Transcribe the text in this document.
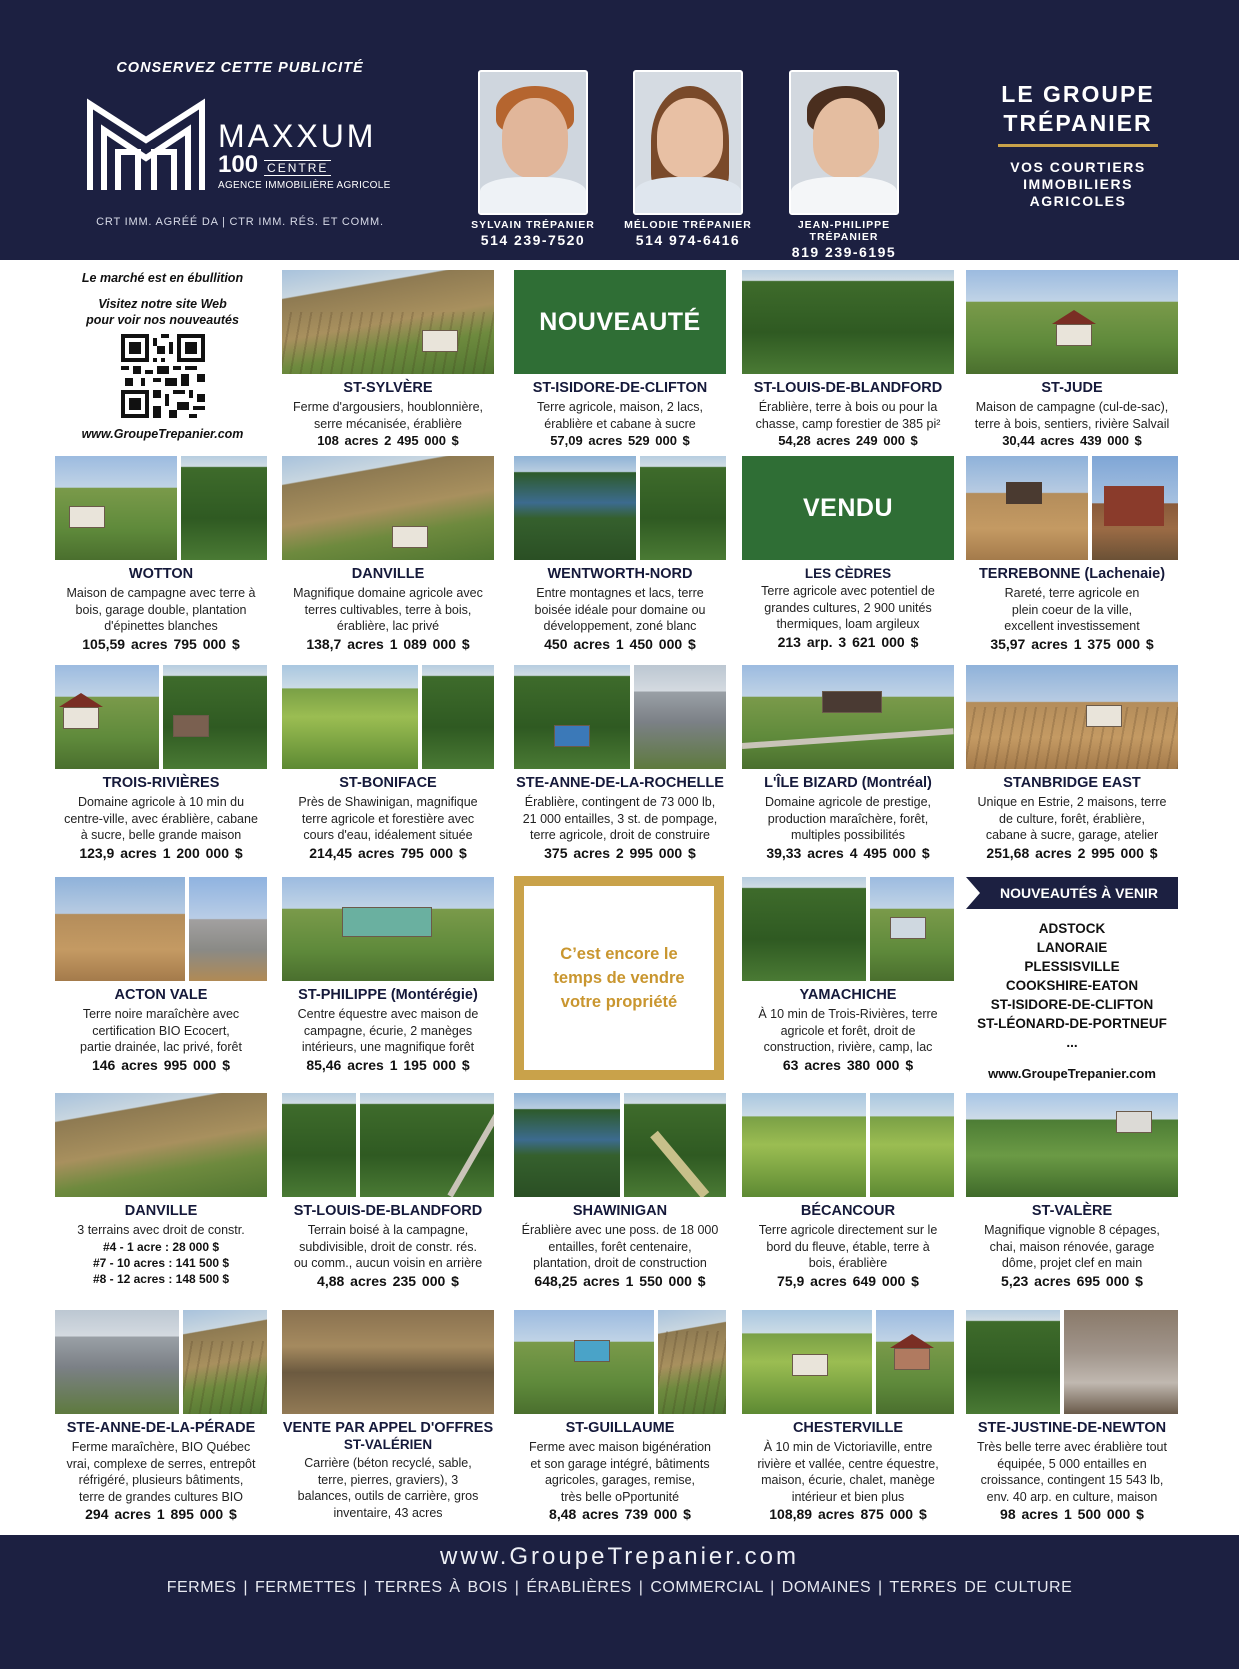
CONSERVEZ CETTE PUBLICITÉ
MAXXUM
100 CENTRE
AGENCE IMMOBILIÈRE AGRICOLE
CRT IMM. AGRÉÉ DA | CTR IMM. RÉS. ET COMM.	SYLVAIN TRÉPANIER
514 239-7520
MÉLODIE TRÉPANIER
514 974-6416
JEAN-PHILIPPE TRÉPANIER
819 239-6195
LE GROUPE
TRÉPANIER
VOS COURTIERS
IMMOBILIERS
AGRICOLES
Le marché est en ébullition
Visitez notre site Web
pour voir nos nouveautés
www.GroupeTrepanier.com
ST-SYLVÈRE
Ferme d'argousiers, houblonnière,
serre mécanisée, érablière
108 acres 2 495 000 $
NOUVEAUTÉ
ST-ISIDORE-DE-CLIFTON
Terre agricole, maison, 2 lacs,
érablière et cabane à sucre
57,09 acres 529 000 $
ST-LOUIS-DE-BLANDFORD
Érablière, terre à bois ou pour la
chasse, camp forestier de 385 pi²
54,28 acres 249 000 $
ST-JUDE
Maison de campagne (cul-de-sac),
terre à bois, sentiers, rivière Salvail
30,44 acres 439 000 $
WOTTON
Maison de campagne avec terre à
bois, garage double, plantation
d'épinettes blanches
105,59 acres 795 000 $
DANVILLE
Magnifique domaine agricole avec
terres cultivables, terre à bois,
érablière, lac privé
138,7 acres 1 089 000 $
WENTWORTH-NORD
Entre montagnes et lacs, terre
boisée idéale pour domaine ou
développement, zoné blanc
450 acres 1 450 000 $
VENDU
LES CÈDRES
Terre agricole avec potentiel de
grandes cultures, 2 900 unités
thermiques, loam argileux
213 arp. 3 621 000 $
TERREBONNE (Lachenaie)
Rareté, terre agricole en
plein coeur de la ville,
excellent investissement
35,97 acres 1 375 000 $
TROIS-RIVIÈRES
Domaine agricole à 10 min du
centre-ville, avec érablière, cabane
à sucre, belle grande maison
123,9 acres 1 200 000 $
ST-BONIFACE
Près de Shawinigan, magnifique
terre agricole et forestière avec
cours d'eau, idéalement située
214,45 acres 795 000 $
STE-ANNE-DE-LA-ROCHELLE
Érablière, contingent de 73 000 lb,
21 000 entailles, 3 st. de pompage,
terre agricole, droit de construire
375 acres 2 995 000 $
L'ÎLE BIZARD (Montréal)
Domaine agricole de prestige,
production maraîchère, forêt,
multiples possibilités
39,33 acres 4 495 000 $
STANBRIDGE EAST
Unique en Estrie, 2 maisons, terre
de culture, forêt, érablière,
cabane à sucre, garage, atelier
251,68 acres 2 995 000 $
ACTON VALE
Terre noire maraîchère avec
certification BIO Ecocert,
partie drainée, lac privé, forêt
146 acres 995 000 $
ST-PHILIPPE (Montérégie)
Centre équestre avec maison de
campagne, écurie, 2 manèges
intérieurs, une magnifique forêt
85,46 acres 1 195 000 $
C’est encore le
temps de vendre
votre propriété	YAMACHICHE
À 10 min de Trois-Rivières, terre
agricole et forêt, droit de
construction, rivière, camp, lac
63 acres 380 000 $
NOUVEAUTÉS À VENIR
ADSTOCK
LANORAIE
PLESSISVILLE
COOKSHIRE-EATON
ST-ISIDORE-DE-CLIFTON
ST-LÉONARD-DE-PORTNEUF
...
www.GroupeTrepanier.com
DANVILLE
3 terrains avec droit de constr.
#4 - 1 acre : 28 000 $
#7 - 10 acres : 141 500 $
#8 - 12 acres : 148 500 $
ST-LOUIS-DE-BLANDFORD
Terrain boisé à la campagne,
subdivisible, droit de constr. rés.
ou comm., aucun voisin en arrière
4,88 acres 235 000 $
SHAWINIGAN
Érablière avec une poss. de 18 000
entailles, forêt centenaire,
plantation, droit de construction
648,25 acres 1 550 000 $
BÉCANCOUR
Terre agricole directement sur le
bord du fleuve, étable, terre à
bois, érablière
75,9 acres 649 000 $
ST-VALÈRE
Magnifique vignoble 8 cépages,
chai, maison rénovée, garage
dôme, projet clef en main
5,23 acres 695 000 $
STE-ANNE-DE-LA-PÉRADE
Ferme maraîchère, BIO Québec
vrai, complexe de serres, entrepôt
réfrigéré, plusieurs bâtiments,
terre de grandes cultures BIO
294 acres 1 895 000 $
VENTE PAR APPEL D'OFFRES
ST-VALÉRIEN
Carrière (béton recyclé, sable,
terre, pierres, graviers), 3
balances, outils de carrière, gros
inventaire, 43 acres
ST-GUILLAUME
Ferme avec maison bigénération
et son garage intégré, bâtiments
agricoles, garages, remise,
très belle oPportunité
8,48 acres 739 000 $
CHESTERVILLE
À 10 min de Victoriaville, entre
rivière et vallée, centre équestre,
maison, écurie, chalet, manège
intérieur et bien plus
108,89 acres 875 000 $
STE-JUSTINE-DE-NEWTON
Très belle terre avec érablière tout
équipée, 5 000 entailles en
croissance, contingent 15 543 lb,
env. 40 arp. en culture, maison
98 acres 1 500 000 $
www.GroupeTrepanier.com
FERMES | FERMETTES | TERRES À BOIS | ÉRABLIÈRES | COMMERCIAL | DOMAINES | TERRES DE CULTURE
